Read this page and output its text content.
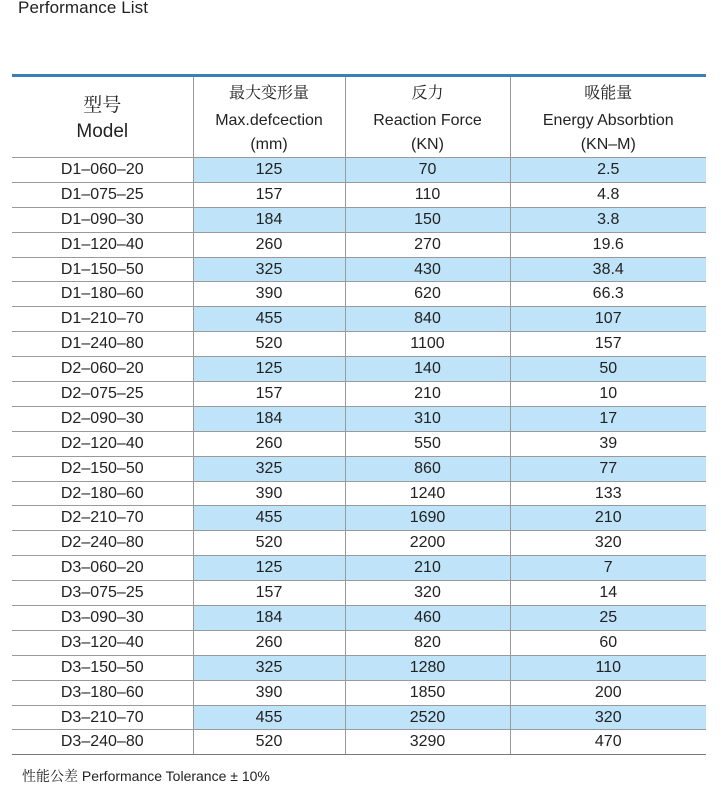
Performance List
型号
Model	最大变形量	反力	吸能量
	Max.defcection	Reaction Force	Energy Absorbtion
	(mm)	(KN)	(KN–M)
D1–060–20	125	70	2.5
D1–075–25	157	110	4.8
D1–090–30	184	150	3.8
D1–120–40	260	270	19.6
D1–150–50	325	430	38.4
D1–180–60	390	620	66.3
D1–210–70	455	840	107
D1–240–80	520	1100	157
D2–060–20	125	140	50
D2–075–25	157	210	10
D2–090–30	184	310	17
D2–120–40	260	550	39
D2–150–50	325	860	77
D2–180–60	390	1240	133
D2–210–70	455	1690	210
D2–240–80	520	2200	320
D3–060–20	125	210	7
D3–075–25	157	320	14
D3–090–30	184	460	25
D3–120–40	260	820	60
D3–150–50	325	1280	110
D3–180–60	390	1850	200
D3–210–70	455	2520	320
D3–240–80	520	3290	470
性能公差 Performance Tolerance ± 10%
